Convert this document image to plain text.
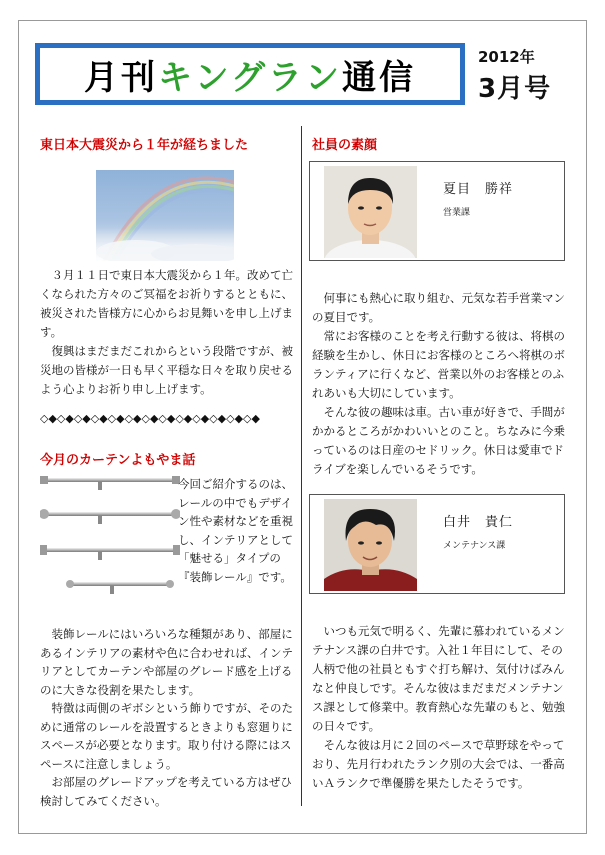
月刊キングラン通信
2012年
3月号
東日本大震災から１年が経ちました

３月１１日で東日本大震災から１年。改めて亡くなられた方々のご冥福をお祈りするとともに、被災された皆様方に心からお見舞いを申し上げます。

復興はまだまだこれからという段階ですが、被災地の皆様が一日も早く平穏な日々を取り戻せるよう心よりお祈り申し上げます。

◇◆◇◆◇◆◇◆◇◆◇◆◇◆◇◆◇◆◇◆◇◆◇◆◇◆
今月のカーテンよもやま話
今回ご紹介するのは、レールの中でもデザイン性や素材などを重視し、インテリアとして「魅せる」タイプの『装飾レール』です。

装飾レールにはいろいろな種類があり、部屋にあるインテリアの素材や色に合わせれば、インテリアとしてカーテンや部屋のグレード感を上げるのに大きな役割を果たします。

特徴は両側のギボシという飾りですが、そのために通常のレールを設置するときよりも窓廻りにスペースが必要となります。取り付ける際にはスペースに注意しましょう。

お部屋のグレードアップを考えている方はぜひ検討してみてください。

社員の素顔
夏目　勝祥
営業課

何事にも熱心に取り組む、元気な若手営業マンの夏目です。

常にお客様のことを考え行動する彼は、将棋の経験を生かし、休日にお客様のところへ将棋のボランティアに行くなど、営業以外のお客様とのふれあいも大切にしています。

そんな彼の趣味は車。古い車が好きで、手間がかかるところがかわいいとのこと。ちなみに今乗っているのは日産のセドリック。休日は愛車でドライブを楽しんでいるそうです。

白井　貴仁
メンテナンス課

いつも元気で明るく、先輩に慕われているメンテナンス課の白井です。入社１年目にして、その人柄で他の社員ともすぐ打ち解け、気付けばみんなと仲良しです。そんな彼はまだまだメンテナンス課として修業中。教育熱心な先輩のもと、勉強の日々です。

そんな彼は月に２回のペースで草野球をやっており、先月行われたランク別の大会では、一番高いＡランクで準優勝を果たしたそうです。
